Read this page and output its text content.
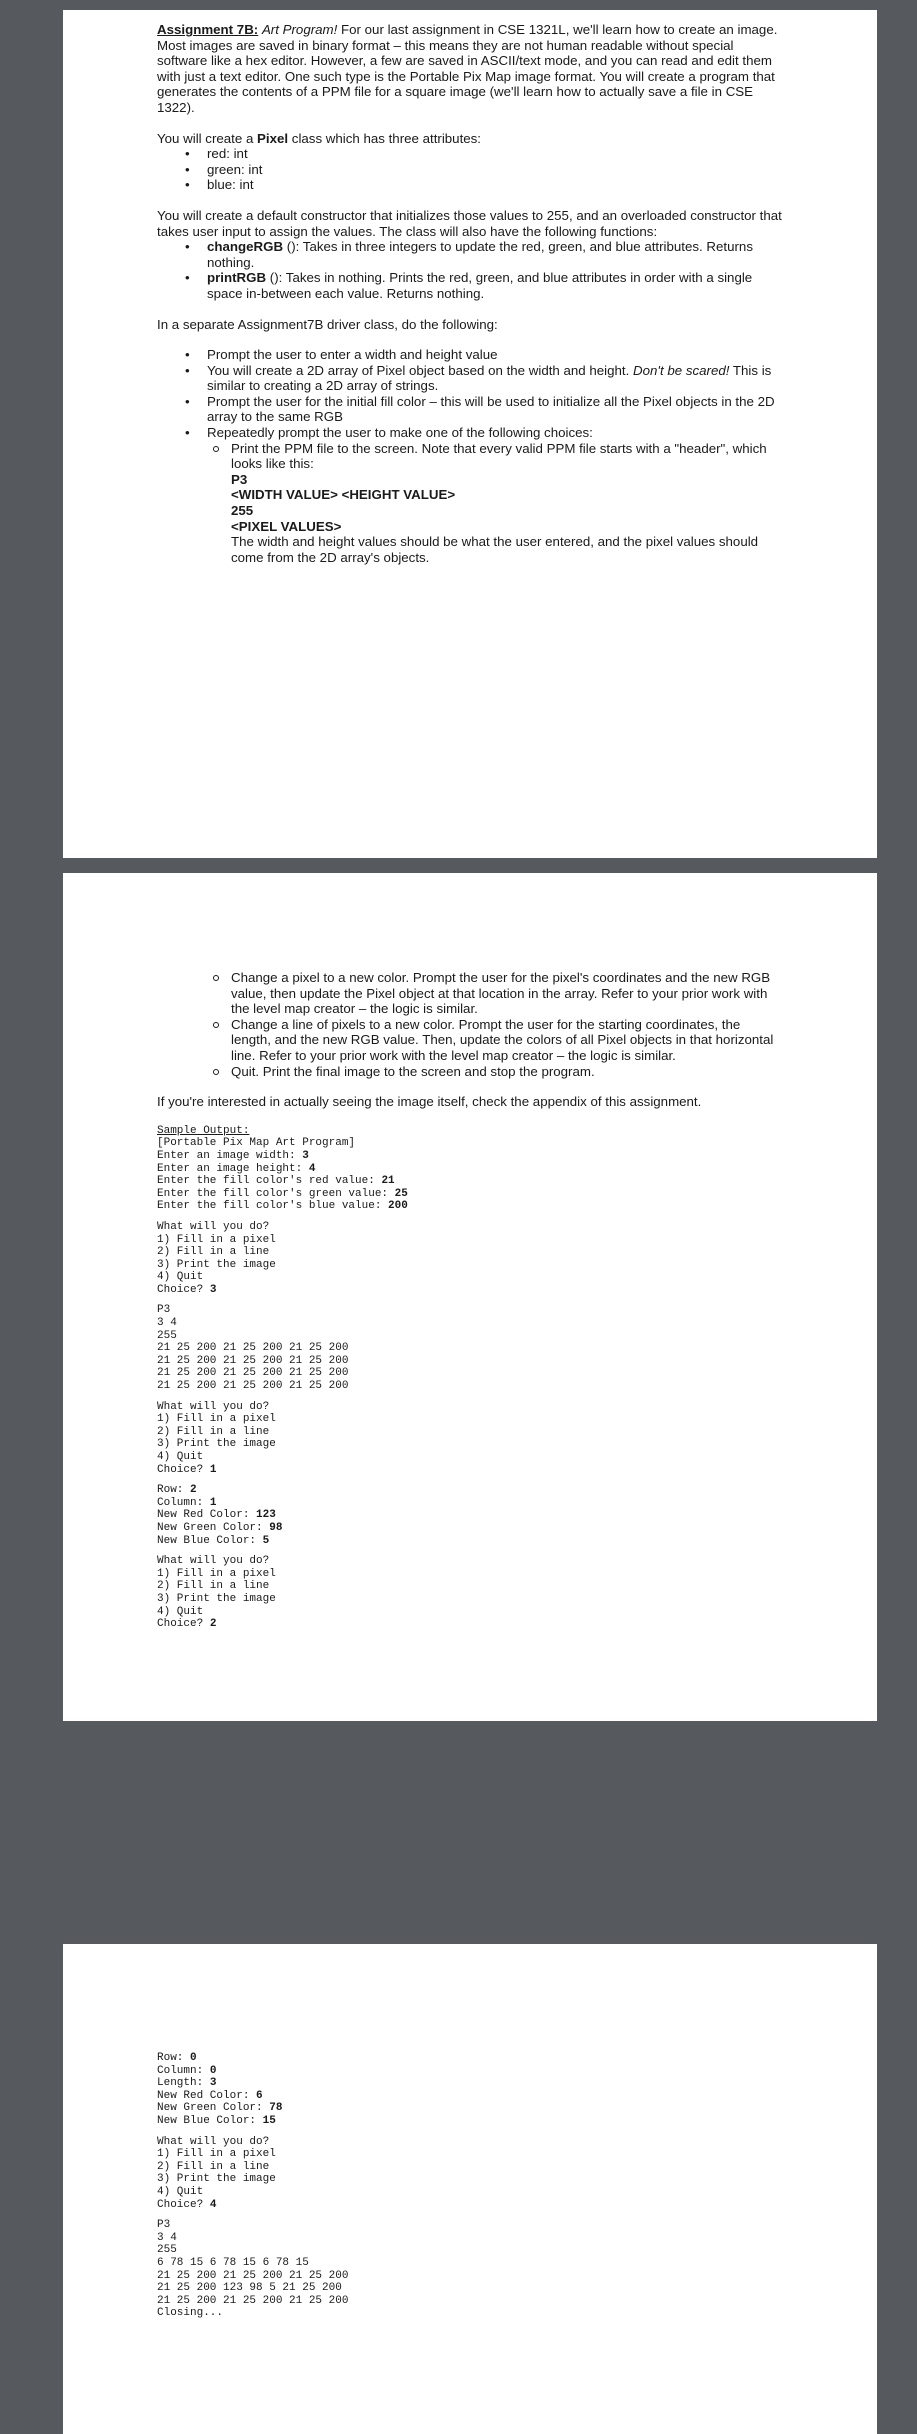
Assignment 7B: Art Program! For our last assignment in CSE 1321L, we'll learn how to create an image. Most images are saved in binary format – this means they are not human readable without special software like a hex editor. However, a few are saved in ASCII/text mode, and you can read and edit them with just a text editor. One such type is the Portable Pix Map image format. You will create a program that generates the contents of a PPM file for a square image (we'll learn how to actually save a file in CSE 1322).

You will create a Pixel class which has three attributes:

• red: int
• green: int
• blue: int

You will create a default constructor that initializes those values to 255, and an overloaded constructor that takes user input to assign the values. The class will also have the following functions:

• changeRGB (): Takes in three integers to update the red, green, and blue attributes. Returns nothing.
• printRGB (): Takes in nothing. Prints the red, green, and blue attributes in order with a single space in-between each value. Returns nothing.

In a separate Assignment7B driver class, do the following:

• Prompt the user to enter a width and height value
• You will create a 2D array of Pixel object based on the width and height. Don't be scared! This is similar to creating a 2D array of strings.
• Prompt the user for the initial fill color – this will be used to initialize all the Pixel objects in the 2D array to the same RGB
• Repeatedly prompt the user to make one of the following choices:
Print the PPM file to the screen. Note that every valid PPM file starts with a "header", which looks like this:
P3
<WIDTH VALUE> <HEIGHT VALUE>
255
<PIXEL VALUES>
The width and height values should be what the user entered, and the pixel values should come from the 2D array's objects.
Change a pixel to a new color. Prompt the user for the pixel's coordinates and the new RGB value, then update the Pixel object at that location in the array. Refer to your prior work with the level map creator – the logic is similar.
Change a line of pixels to a new color. Prompt the user for the starting coordinates, the length, and the new RGB value. Then, update the colors of all Pixel objects in that horizontal line. Refer to your prior work with the level map creator – the logic is similar.
Quit. Print the final image to the screen and stop the program.

If you're interested in actually seeing the image itself, check the appendix of this assignment.

Sample Output:
[Portable Pix Map Art Program]
Enter an image width: 3
Enter an image height: 4
Enter the fill color's red value: 21
Enter the fill color's green value: 25
Enter the fill color's blue value: 200
What will you do?
1) Fill in a pixel
2) Fill in a line
3) Print the image
4) Quit
Choice? 3
P3
3 4
255
21 25 200 21 25 200 21 25 200
21 25 200 21 25 200 21 25 200
21 25 200 21 25 200 21 25 200
21 25 200 21 25 200 21 25 200
What will you do?
1) Fill in a pixel
2) Fill in a line
3) Print the image
4) Quit
Choice? 1
Row: 2
Column: 1
New Red Color: 123
New Green Color: 98
New Blue Color: 5
What will you do?
1) Fill in a pixel
2) Fill in a line
3) Print the image
4) Quit
Choice? 2
Row: 0
Column: 0
Length: 3
New Red Color: 6
New Green Color: 78
New Blue Color: 15
What will you do?
1) Fill in a pixel
2) Fill in a line
3) Print the image
4) Quit
Choice? 4
P3
3 4
255
6 78 15 6 78 15 6 78 15
21 25 200 21 25 200 21 25 200
21 25 200 123 98 5 21 25 200
21 25 200 21 25 200 21 25 200
Closing...
